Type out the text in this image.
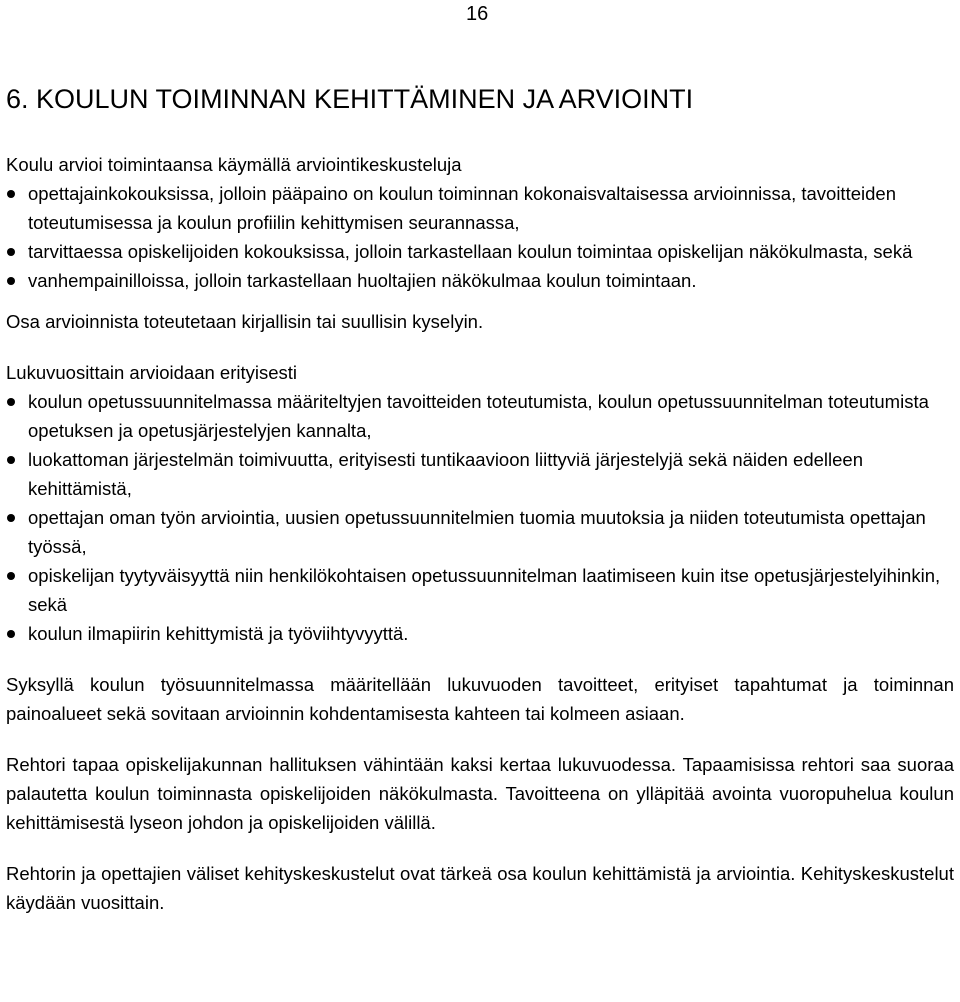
16
6. KOULUN TOIMINNAN KEHITTÄMINEN JA ARVIOINTI

Koulu arvioi toimintaansa käymällä arviointikeskusteluja

opettajainkokouksissa, jolloin pääpaino on koulun toiminnan kokonaisvaltaisessa arvioinnissa, tavoitteiden toteutumisessa ja koulun profiilin kehittymisen seurannassa,
tarvittaessa opiskelijoiden kokouksissa, jolloin tarkastellaan koulun toimintaa opiskelijan näkökulmasta, sekä
vanhempainilloissa, jolloin tarkastellaan huoltajien näkökulmaa koulun toimintaan.

Osa arvioinnista toteutetaan kirjallisin tai suullisin kyselyin.

Lukuvuosittain arvioidaan erityisesti

koulun opetussuunnitelmassa määriteltyjen tavoitteiden toteutumista, koulun opetussuunnitelman toteutumista opetuksen ja opetusjärjestelyjen kannalta,
luokattoman järjestelmän toimivuutta, erityisesti tuntikaavioon liittyviä järjestelyjä sekä näiden edelleen kehittämistä,
opettajan oman työn arviointia, uusien opetussuunnitelmien tuomia muutoksia ja niiden toteutumista opettajan työssä,
opiskelijan tyytyväisyyttä niin henkilökohtaisen opetussuunnitelman laatimiseen kuin itse opetusjärjestelyihinkin, sekä
koulun ilmapiirin kehittymistä ja työviihtyvyyttä.

Syksyllä koulun työsuunnitelmassa määritellään lukuvuoden tavoitteet, erityiset tapahtumat ja toiminnan painoalueet sekä sovitaan arvioinnin kohdentamisesta kahteen tai kolmeen asiaan.

Rehtori tapaa opiskelijakunnan hallituksen vähintään kaksi kertaa lukuvuodessa. Tapaamisissa rehtori saa suoraa palautetta koulun toiminnasta opiskelijoiden näkökulmasta. Tavoitteena on ylläpitää avointa vuoropuhelua koulun kehittämisestä lyseon johdon ja opiskelijoiden välillä.

Rehtorin ja opettajien väliset kehityskeskustelut ovat tärkeä osa koulun kehittämistä ja arviointia. Kehityskeskustelut käydään vuosittain.
